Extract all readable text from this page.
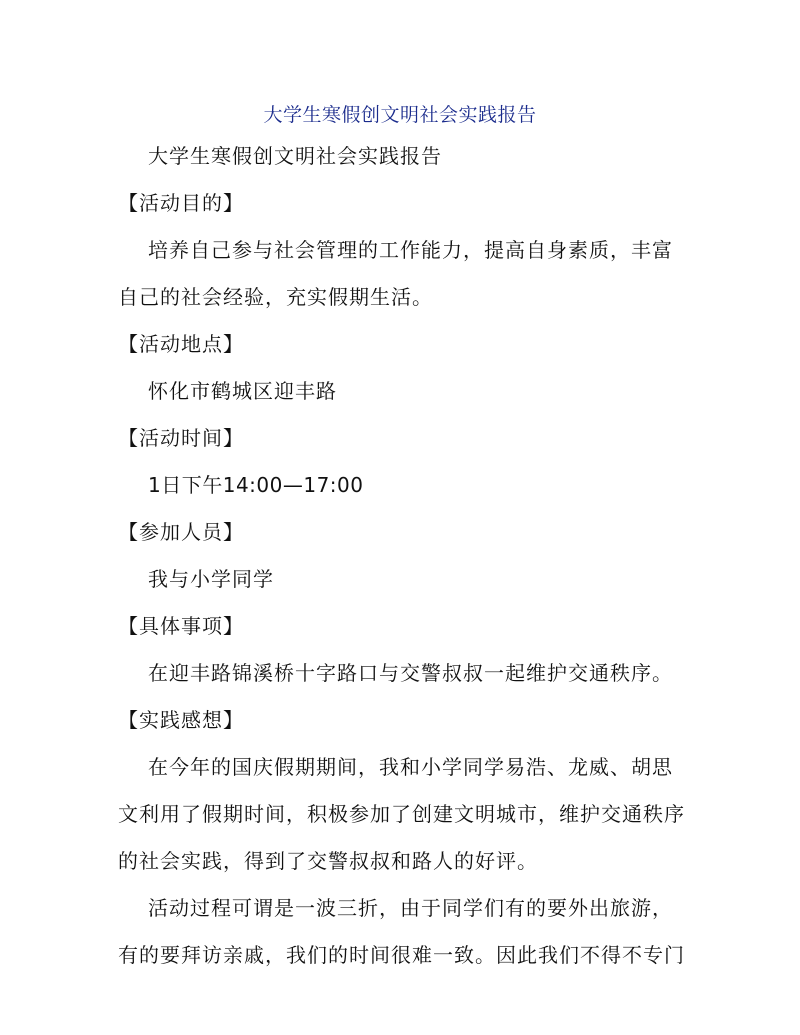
大学生寒假创文明社会实践报告

大学生寒假创文明社会实践报告

【活动目的】

培养自己参与社会管理的工作能力，提高自身素质，丰富自己的社会经验，充实假期生活。

【活动地点】

怀化市鹤城区迎丰路

【活动时间】

1日下午14:00—17:00

【参加人员】

我与小学同学

【具体事项】

在迎丰路锦溪桥十字路口与交警叔叔一起维护交通秩序。

【实践感想】

在今年的国庆假期期间，我和小学同学易浩、龙威、胡思文利用了假期时间，积极参加了创建文明城市，维护交通秩序的社会实践，得到了交警叔叔和路人的好评。

活动过程可谓是一波三折，由于同学们有的要外出旅游，有的要拜访亲戚，我们的时间很难一致。因此我们不得不专门
